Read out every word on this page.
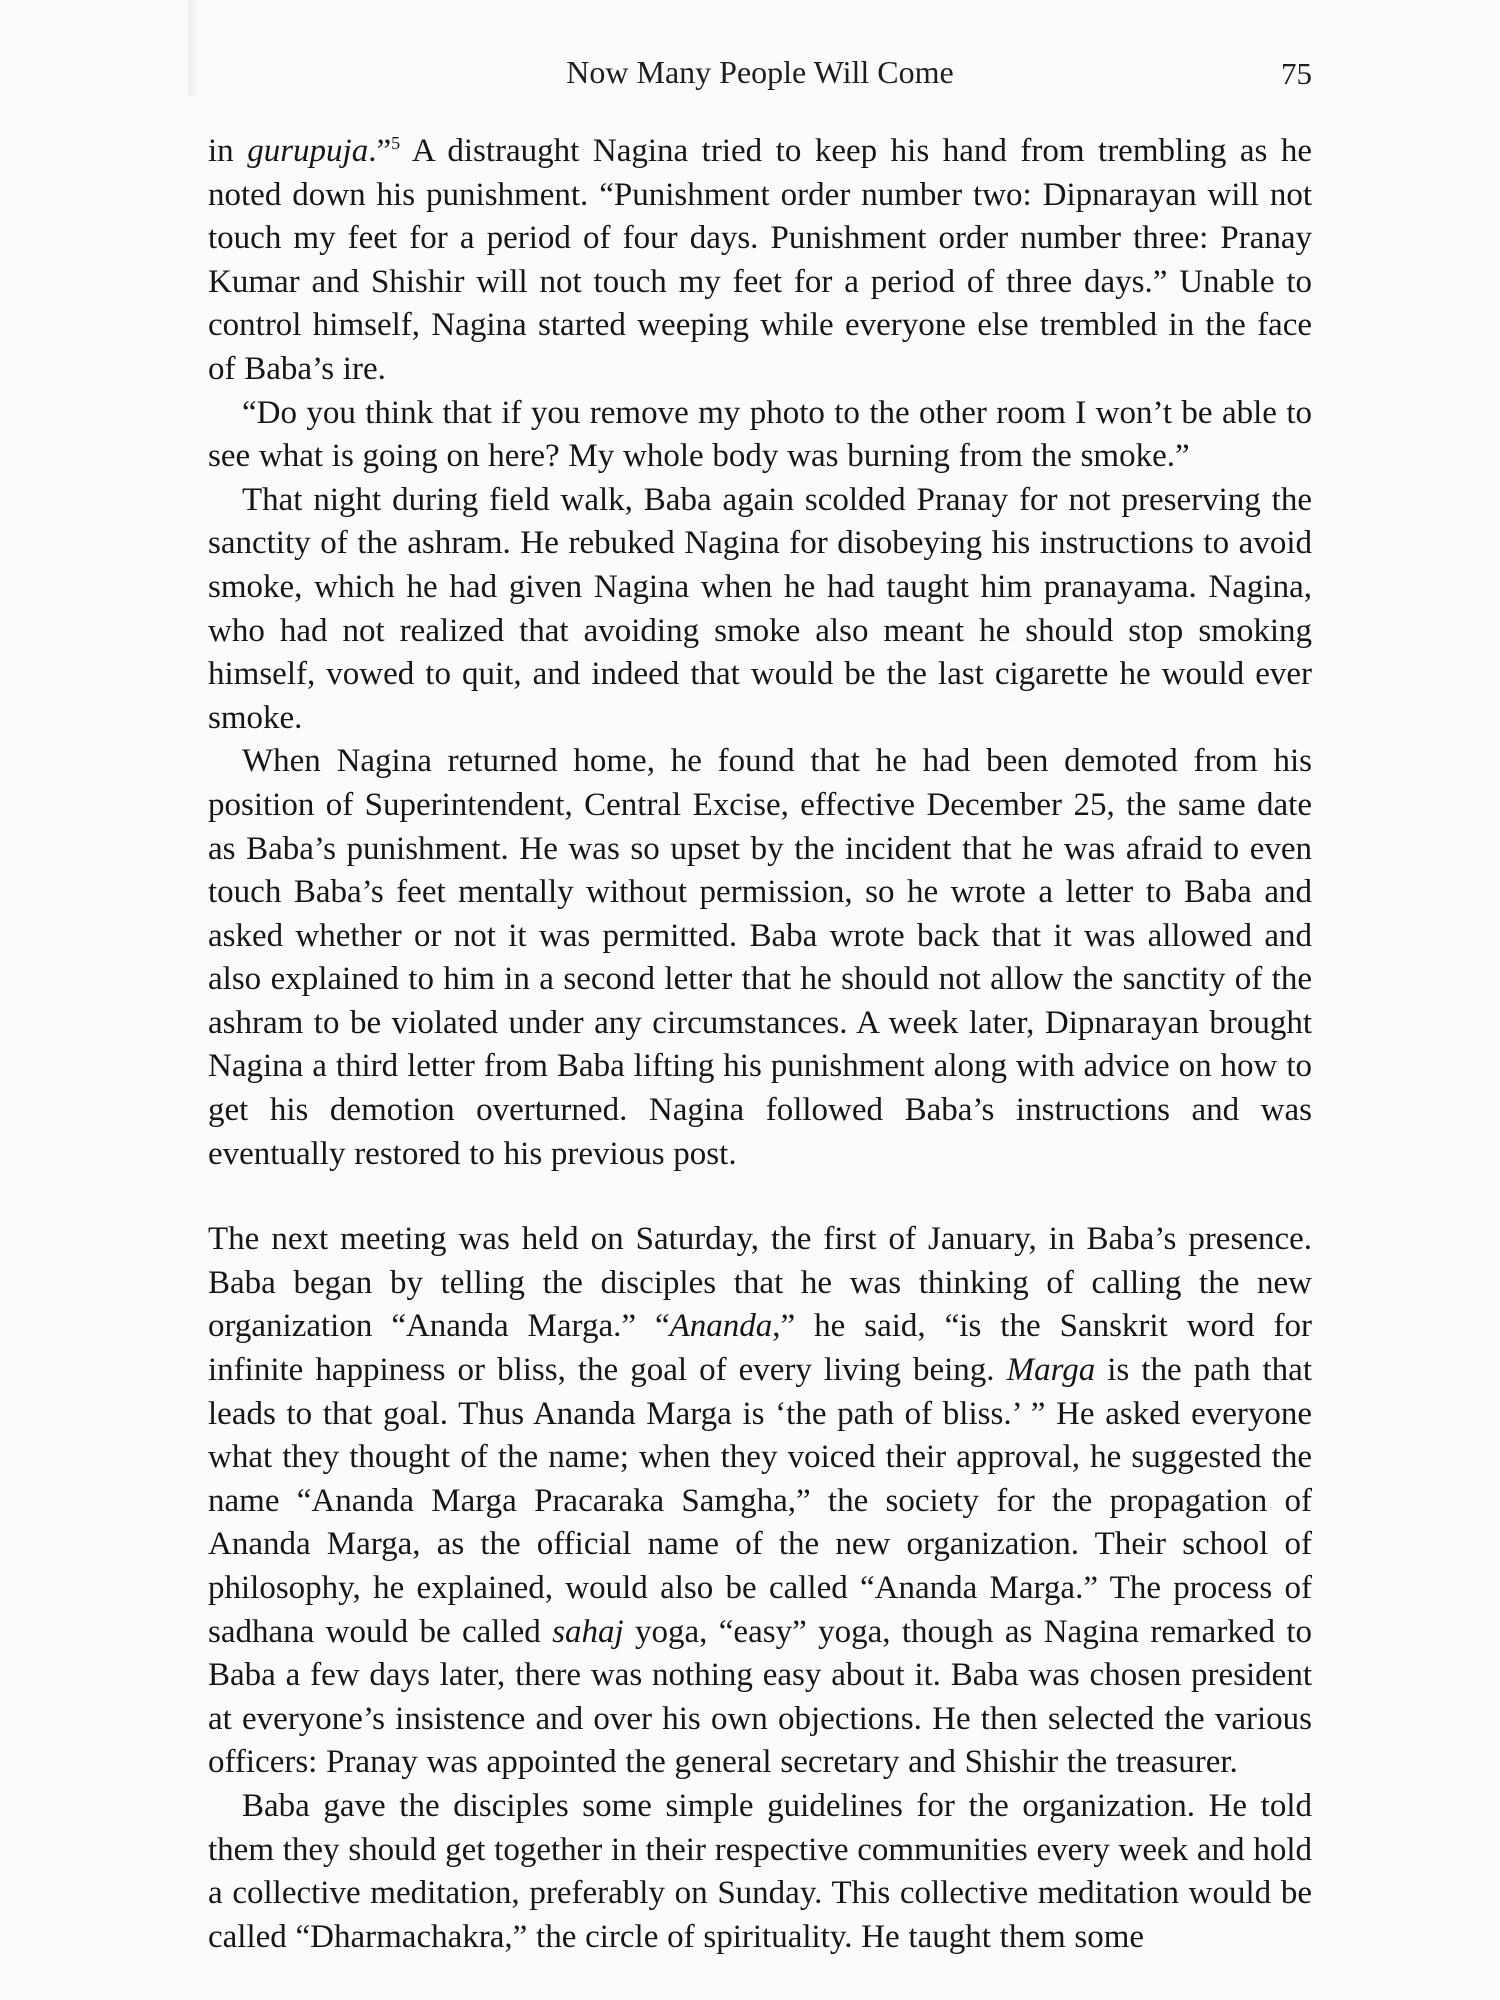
Now Many People Will Come	75

in gurupuja.”$^5$ A distraught Nagina tried to keep his hand from trembling as he noted down his punishment. “Punishment order number two: Dipnarayan will not touch my feet for a period of four days. Punishment order number three: Pranay Kumar and Shishir will not touch my feet for a period of three days.” Unable to control himself, Nagina started weeping while everyone else trembled in the face of Baba’s ire.

“Do you think that if you remove my photo to the other room I won’t be able to see what is going on here? My whole body was burning from the smoke.”

That night during field walk, Baba again scolded Pranay for not preserving the sanctity of the ashram. He rebuked Nagina for disobeying his instructions to avoid smoke, which he had given Nagina when he had taught him pranayama. Nagina, who had not realized that avoiding smoke also meant he should stop smoking himself, vowed to quit, and indeed that would be the last cigarette he would ever smoke.

When Nagina returned home, he found that he had been demoted from his position of Superintendent, Central Excise, effective December 25, the same date as Baba’s punishment. He was so upset by the incident that he was afraid to even touch Baba’s feet mentally without permission, so he wrote a letter to Baba and asked whether or not it was permitted. Baba wrote back that it was allowed and also explained to him in a second letter that he should not allow the sanctity of the ashram to be violated under any circumstances. A week later, Dipnarayan brought Nagina a third letter from Baba lifting his punishment along with advice on how to get his demotion overturned. Nagina followed Baba’s instructions and was eventually restored to his previous post.

The next meeting was held on Saturday, the first of January, in Baba’s presence. Baba began by telling the disciples that he was thinking of calling the new organization “Ananda Marga.” “Ananda,” he said, “is the Sanskrit word for infinite happiness or bliss, the goal of every living being. Marga is the path that leads to that goal. Thus Ananda Marga is ‘the path of bliss.’ ” He asked everyone what they thought of the name; when they voiced their approval, he suggested the name “Ananda Marga Pracaraka Samgha,” the society for the propagation of Ananda Marga, as the official name of the new organization. Their school of philosophy, he explained, would also be called “Ananda Marga.” The process of sadhana would be called sahaj yoga, “easy” yoga, though as Nagina remarked to Baba a few days later, there was nothing easy about it. Baba was chosen president at everyone’s insistence and over his own objections. He then selected the various officers: Pranay was appointed the general secretary and Shishir the treasurer.

Baba gave the disciples some simple guidelines for the organization. He told them they should get together in their respective communities every week and hold a collective meditation, preferably on Sunday. This collective meditation would be called “Dharmachakra,” the circle of spirituality. He taught them some
